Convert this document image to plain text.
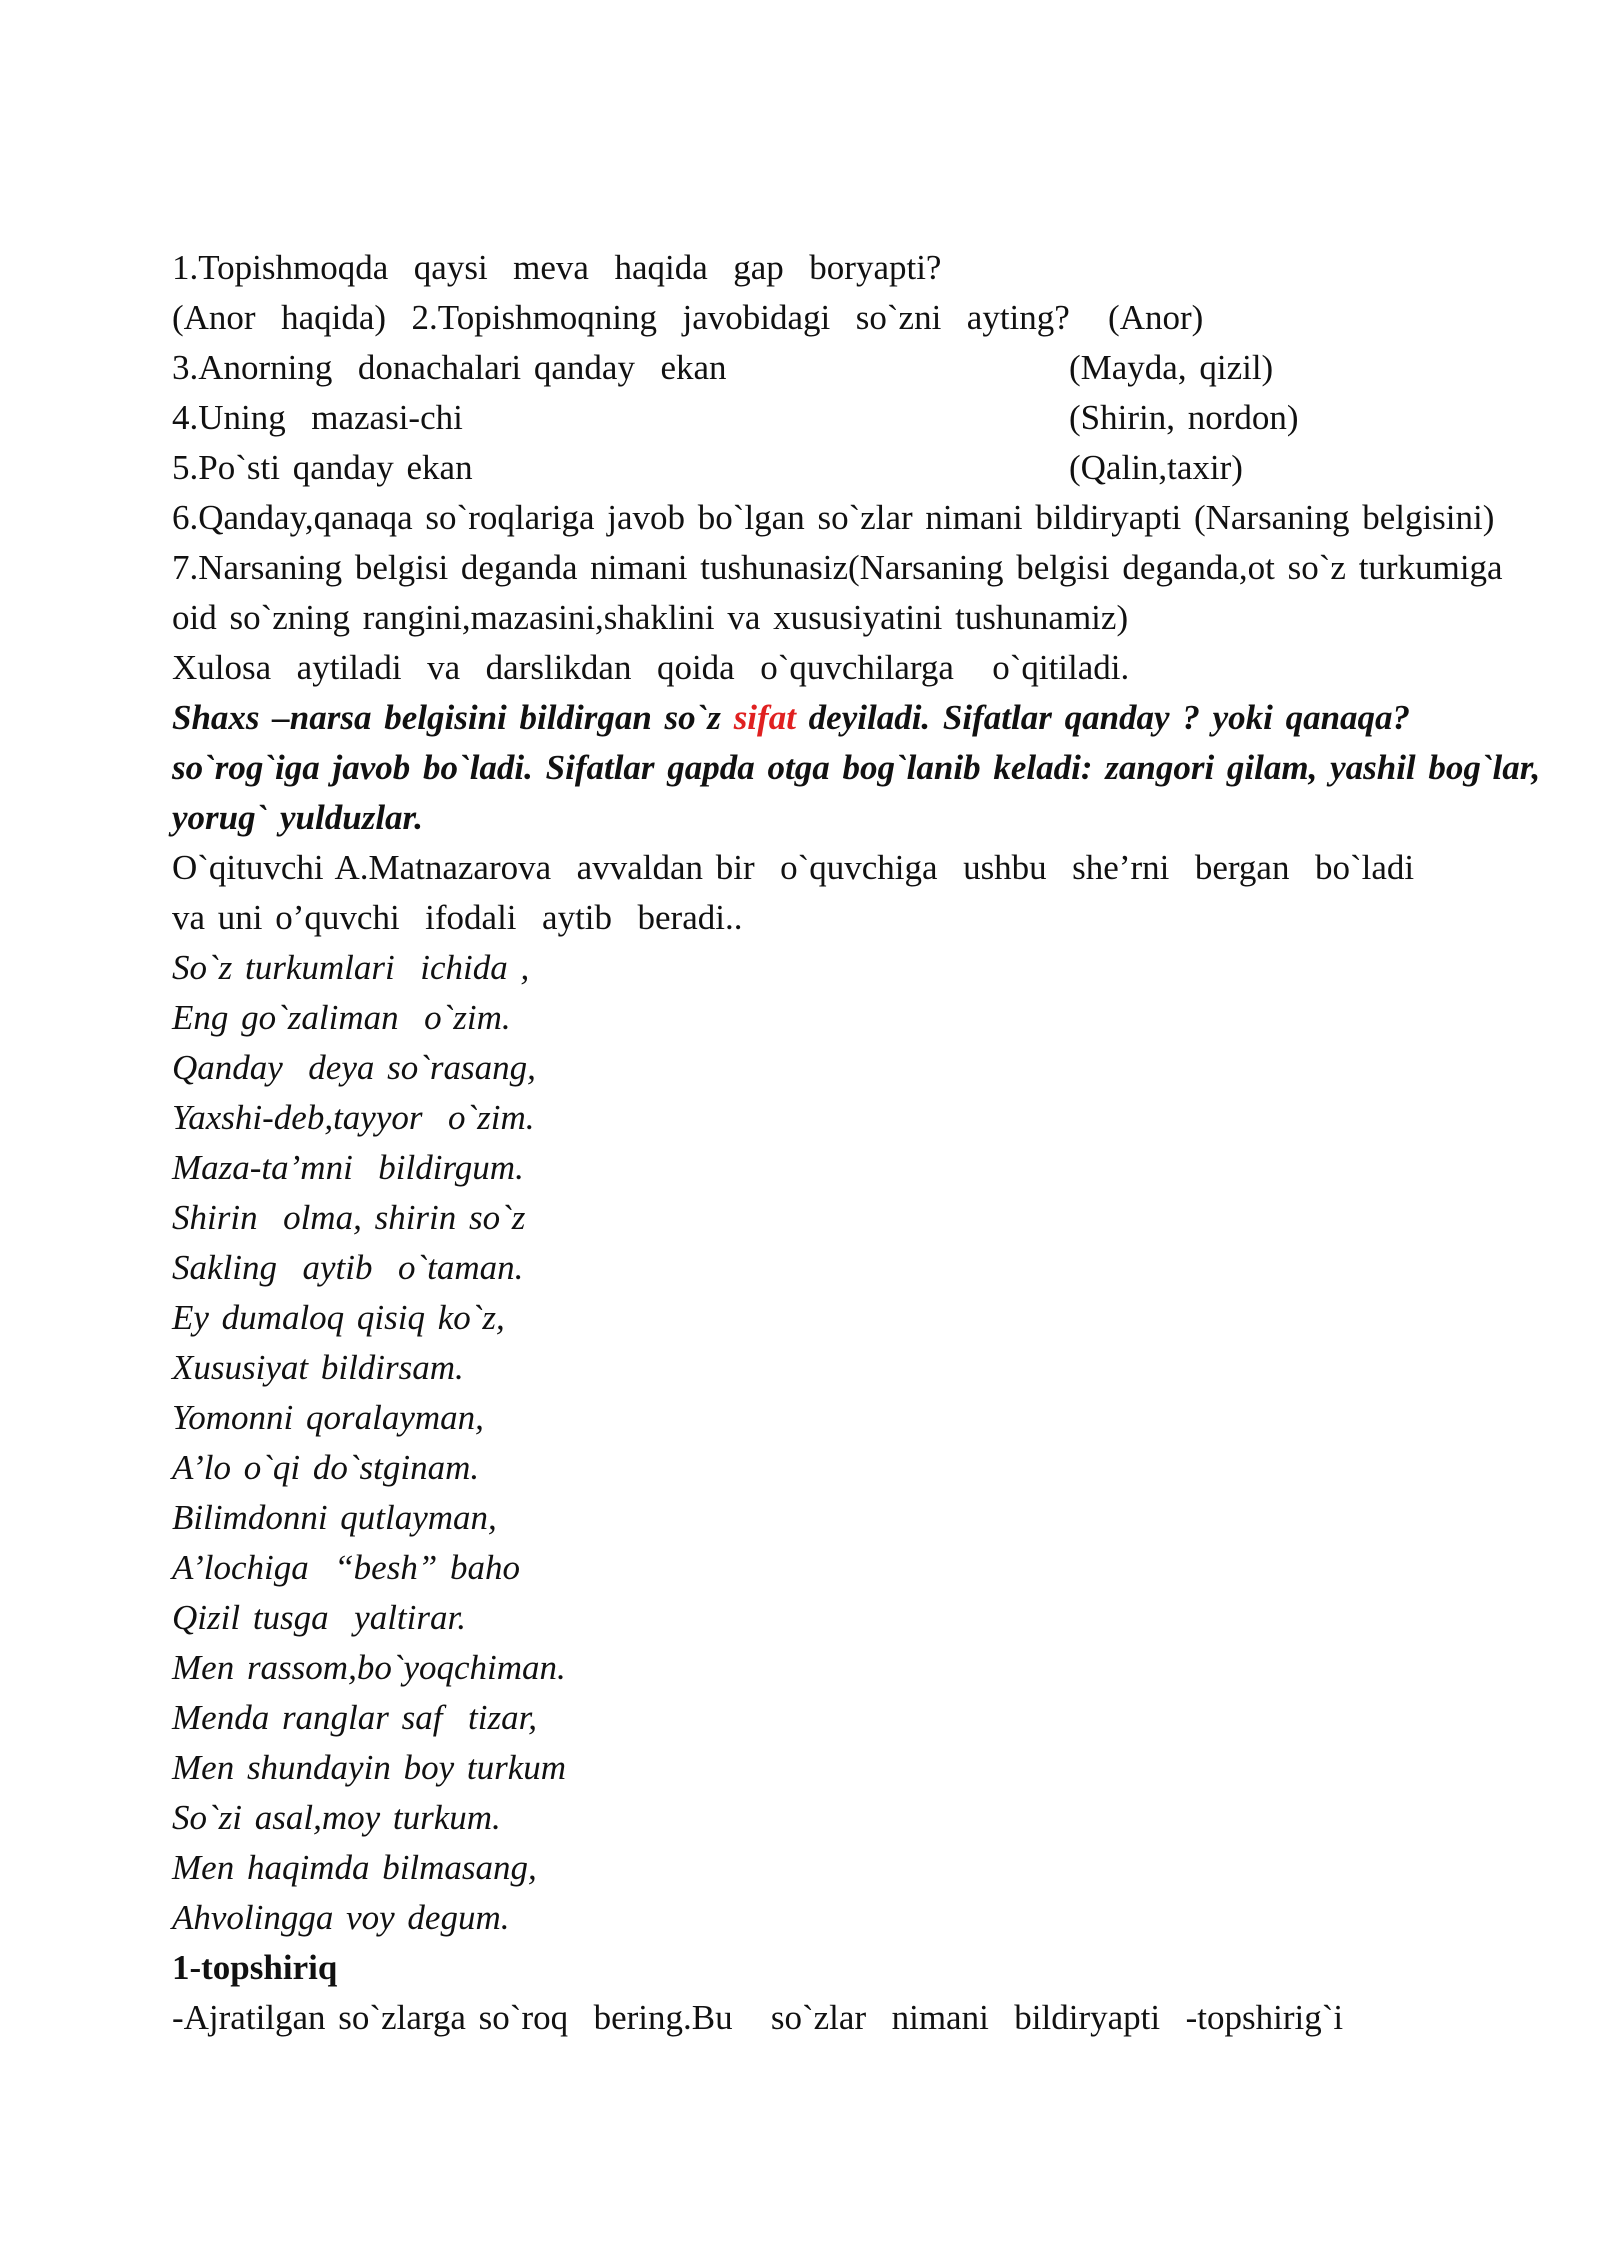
1.Topishmoqda  qaysi  meva  haqida  gap  boryapti?
(Anor  haqida)  2.Topishmoqning  javobidagi  so`zni  ayting?   (Anor)
3.Anorning  donachalari qanday  ekan	(Mayda, qizil)
4.Uning  mazasi-chi	(Shirin, nordon)
5.Po`sti qanday ekan	(Qalin,taxir)
6.Qanday,qanaqa so`roqlariga javob bo`lgan so`zlar nimani bildiryapti (Narsaning belgisini)
7.Narsaning belgisi deganda nimani tushunasiz(Narsaning belgisi deganda,ot so`z turkumiga oid so`zning rangini,mazasini,shaklini va xususiyatini tushunamiz)
Xulosa  aytiladi  va  darslikdan  qoida  o`quvchilarga   o`qitiladi.
Shaxs –narsa belgisini bildirgan so`z sifat deyiladi. Sifatlar qanday ? yoki qanaqa? so`rog`iga javob bo`ladi. Sifatlar gapda otga bog`lanib keladi: zangori gilam, yashil bog`lar, yorug` yulduzlar.
O`qituvchi A.Matnazarova  avvaldan bir  o`quvchiga  ushbu  she’rni  bergan  bo`ladi
va uni o’quvchi  ifodali  aytib  beradi..
So`z turkumlari  ichida ,
Eng go`zaliman  o`zim.
Qanday  deya so`rasang,
Yaxshi-deb,tayyor  o`zim.
Maza-ta’mni  bildirgum.
Shirin  olma, shirin so`z
Sakling  aytib  o`taman.
Ey dumaloq qisiq ko`z,
Xususiyat bildirsam.
Yomonni qoralayman,
A’lo o`qi do`stginam.
Bilimdonni qutlayman,
A’lochiga  “besh” baho
Qizil tusga  yaltirar.
Men rassom,bo`yoqchiman.
Menda ranglar saf  tizar,
Men shundayin boy turkum
So`zi asal,moy turkum.
Men haqimda bilmasang,
Ahvolingga voy degum.
1-topshiriq
-Ajratilgan so`zlarga so`roq  bering.Bu   so`zlar  nimani  bildiryapti  -topshirig`i
